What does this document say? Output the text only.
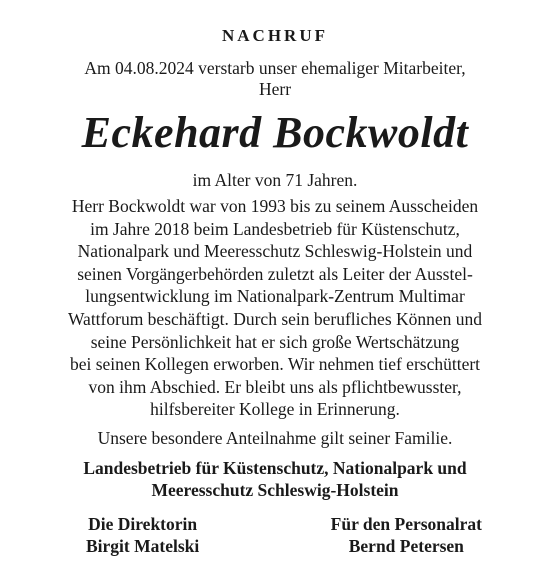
NACHRUF

Am 04.08.2024 verstarb unser ehemaliger Mitarbeiter,
Herr

Eckehard Bockwoldt

im Alter von 71 Jahren.

Herr Bockwoldt war von 1993 bis zu seinem Ausscheiden
im Jahre 2018 beim Landesbetrieb für Küstenschutz,
Nationalpark und Meeresschutz Schleswig-Holstein und
seinen Vorgängerbehörden zuletzt als Leiter der Ausstel-
lungsentwicklung im Nationalpark-Zentrum Multimar
Wattforum beschäftigt. Durch sein berufliches Können und
seine Persönlichkeit hat er sich große Wertschätzung
bei seinen Kollegen erworben. Wir nehmen tief erschüttert
von ihm Abschied. Er bleibt uns als pflichtbewusster,
hilfsbereiter Kollege in Erinnerung.

Unsere besondere Anteilnahme gilt seiner Familie.

Landesbetrieb für Küstenschutz, Nationalpark und
Meeresschutz Schleswig-Holstein

Die Direktorin
Birgit Matelski
Für den Personalrat
Bernd Petersen
